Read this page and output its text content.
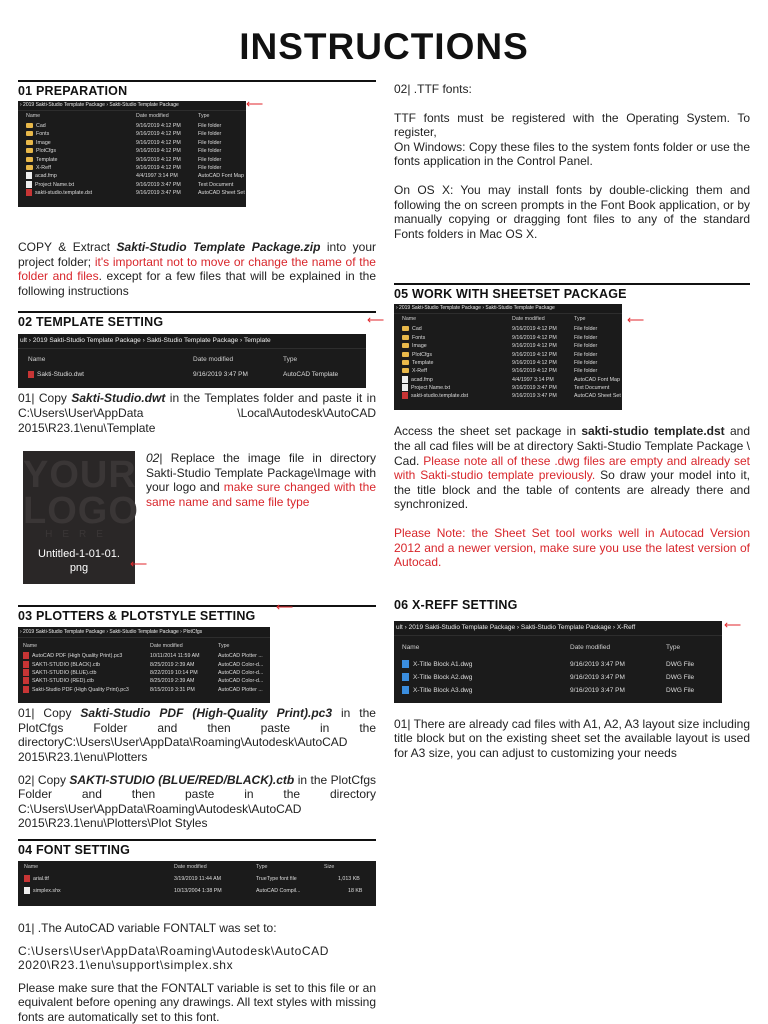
INSTRUCTIONS
01 PREPARATION
› 2019 Sakti-Studio Template Package › Sakti-Studio Template Package
Name	Date modified	Type
Cad	9/16/2019 4:12 PM	File folder
Fonts	9/16/2019 4:12 PM	File folder
Image	9/16/2019 4:12 PM	File folder
PlotCfgs	9/16/2019 4:12 PM	File folder
Template	9/16/2019 4:12 PM	File folder
X-Reff	9/16/2019 4:12 PM	File folder
acad.fmp	4/4/1997 3:14 PM	AutoCAD Font Map
Project Name.txt	9/16/2019 3:47 PM	Text Document
sakti-studio.template.dst	9/16/2019 3:47 PM	AutoCAD Sheet Set
⟵

COPY & Extract Sakti-Studio Template Package.zip into your project folder; it's important not to move or change the name of the folder and files. except for a few files that will be explained in the following instructions

02 TEMPLATE SETTING
ult › 2019 Sakti-Studio Template Package › Sakti-Studio Template Package › Template
Name	Date modified	Type
Sakti-Studio.dwt	9/16/2019 3:47 PM	AutoCAD Template
⟵

01| Copy Sakti-Studio.dwt in the Templates folder and paste it in C:\Users\User\AppData \Local\Autodesk\AutoCAD 2015\R23.1\enu\Template

YOUR
LOGO
HERE
Untitled-1-01-01. png	⟵

02| Replace the image file in directory Sakti-Studio Template Package\Image with your logo and make sure changed with the same name and same file type

03 PLOTTERS & PLOTSTYLE SETTING
› 2019 Sakti-Studio Template Package › Sakti-Studio Template Package › PlotCfgs
Name	Date modified	Type
AutoCAD PDF (High Quality Print).pc3	10/11/2014 11:59 AM	AutoCAD Plotter ...
SAKTI-STUDIO (BLACK).ctb	8/25/2019 2:39 AM	AutoCAD Color-d...
SAKTI-STUDIO (BLUE).ctb	8/22/2019 10:14 PM	AutoCAD Color-d...
SAKTI-STUDIO (RED).ctb	8/25/2019 2:39 AM	AutoCAD Color-d...
Sakti-Studio PDF (High Quality Print).pc3	8/15/2019 3:31 PM	AutoCAD Plotter ...
⟵

01| Copy Sakti-Studio PDF (High-Quality Print).pc3 in the PlotCfgs Folder and then paste in the directoryC:\Users\User\AppData\Roaming\Autodesk\AutoCAD 2015\R23.1\enu\Plotters

02| Copy SAKTI-STUDIO (BLUE/RED/BLACK).ctb in the PlotCfgs Folder and then paste in the directory C:\Users\User\AppData\Roaming\Autodesk\AutoCAD 2015\R23.1\enu\Plotters\Plot Styles

04 FONT SETTING
Name	Date modified	Type	Size
arial.ttf	3/19/2019 11:44 AM	TrueType font file	1,013 KB
simplex.shx	10/13/2004 1:38 PM	AutoCAD Compil...	18 KB

01| .The AutoCAD variable FONTALT was set to:

C:\Users\User\AppData\Roaming\Autodesk\AutoCAD 2020\R23.1\enu\support\simplex.shx

Please make sure that the FONTALT variable is set to this file or an equivalent before opening any drawings. All text styles with missing fonts are automatically set to this font.

02| .TTF fonts:

TTF fonts must be registered with the Operating System. To register,

On Windows: Copy these files to the system fonts folder or use the fonts application in the Control Panel.

On OS X: You may install fonts by double-clicking them and following the on screen prompts in the Font Book application, or by manually copying or dragging font files to any of the standard Fonts folders in Mac OS X.

05 WORK WITH SHEETSET PACKAGE
› 2019 Sakti-Studio Template Package › Sakti-Studio Template Package
Name	Date modified	Type
Cad	9/16/2019 4:12 PM	File folder
Fonts	9/16/2019 4:12 PM	File folder
Image	9/16/2019 4:12 PM	File folder
PlotCfgs	9/16/2019 4:12 PM	File folder
Template	9/16/2019 4:12 PM	File folder
X-Reff	9/16/2019 4:12 PM	File folder
acad.fmp	4/4/1997 3:14 PM	AutoCAD Font Map
Project Name.txt	9/16/2019 3:47 PM	Text Document
sakti-studio.template.dst	9/16/2019 3:47 PM	AutoCAD Sheet Set
⟵

Access the sheet set package in sakti-studio template.dst and the all cad files will be at directory Sakti-Studio Template Package \ Cad. Please note all of these .dwg files are empty and already set with Sakti-studio template previously. So draw your model into it, the title block and the table of contents are already there and synchronized.

Please Note: the Sheet Set tool works well in Autocad Version 2012 and a newer version, make sure you use the latest version of Autocad.

06 X-REFF SETTING
ult › 2019 Sakti-Studio Template Package › Sakti-Studio Template Package › X-Reff
Name	Date modified	Type
X-Title Block A1.dwg	9/16/2019 3:47 PM	DWG File
X-Title Block A2.dwg	9/16/2019 3:47 PM	DWG File
X-Title Block A3.dwg	9/16/2019 3:47 PM	DWG File
⟵

01| There are already cad files with A1, A2, A3 layout size including title block but on the existing sheet set the available layout is used for A3 size, you can adjust to customizing your needs
